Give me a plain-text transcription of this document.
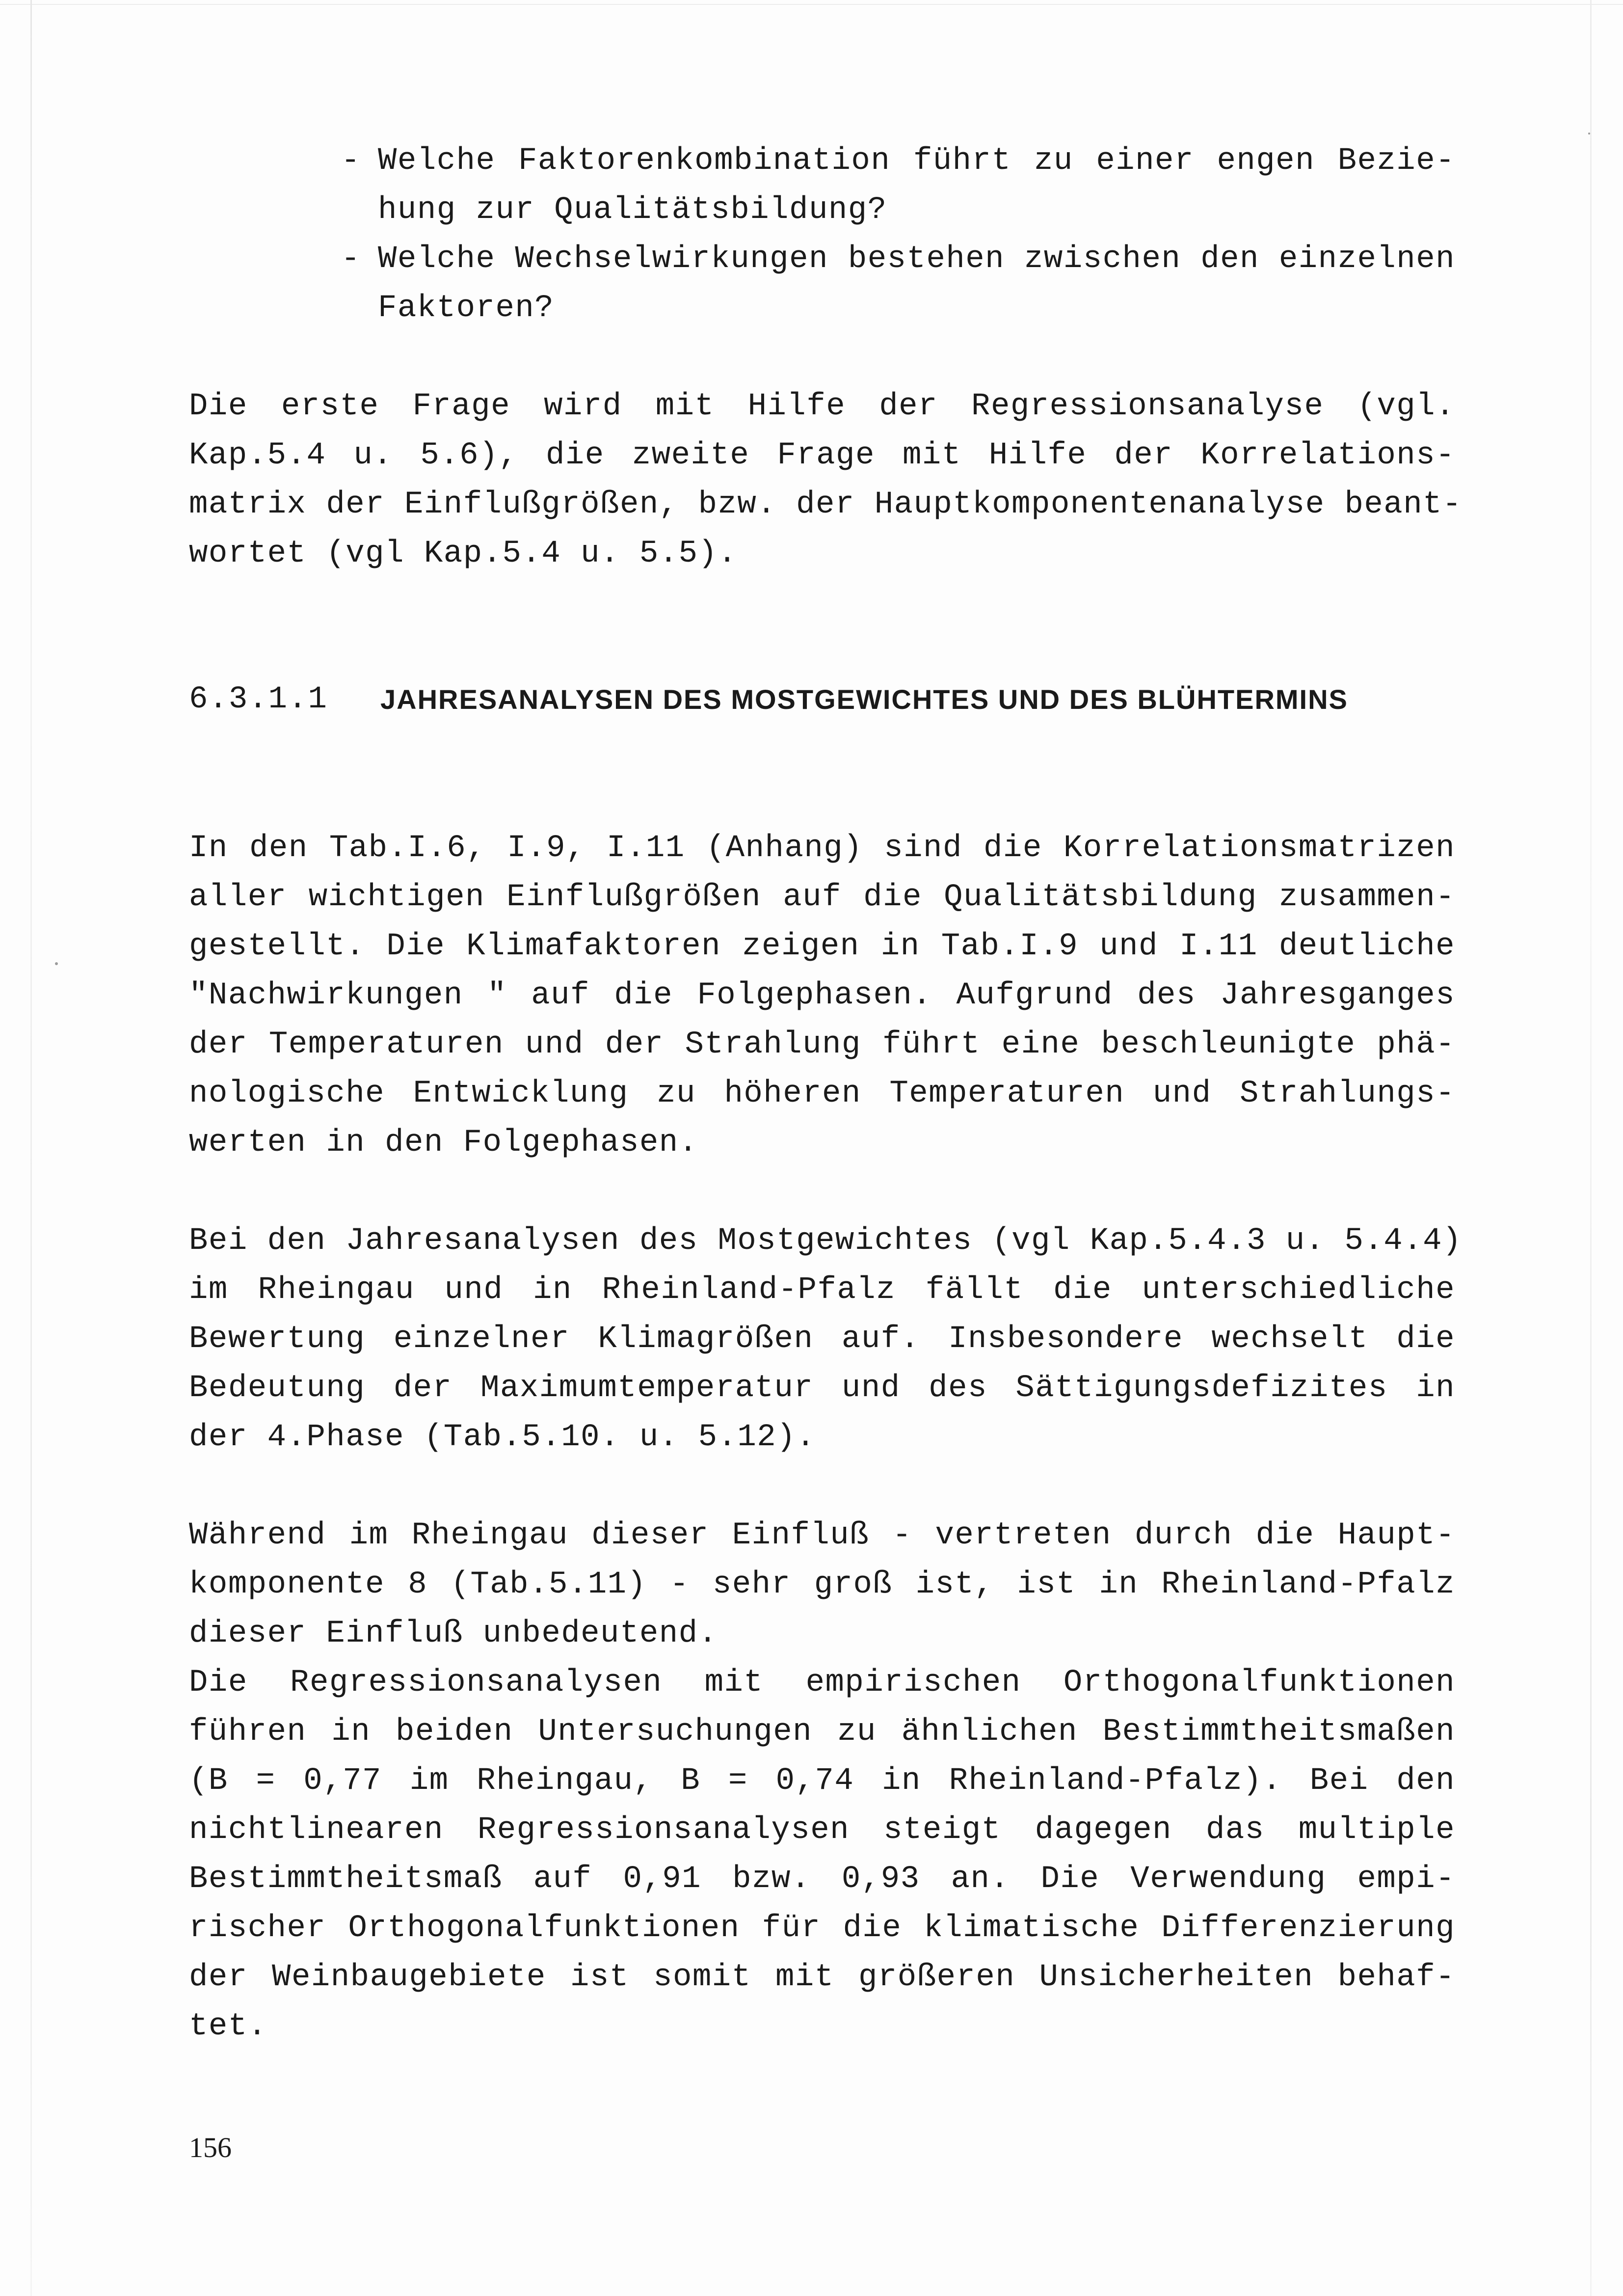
- Welche Faktorenkombination führt zu einer engen Bezie-
hung zur Qualitätsbildung?
- Welche Wechselwirkungen bestehen zwischen den einzelnen
Faktoren?
Die erste Frage wird mit Hilfe der Regressionsanalyse (vgl.
Kap.5.4 u. 5.6), die zweite Frage mit Hilfe der Korrelations-
matrix der Einflußgrößen, bzw. der Hauptkomponentenanalyse beant-
wortet (vgl Kap.5.4 u. 5.5).
6.3.1.1 JAHRESANALYSEN DES MOSTGEWICHTES UND DES BLÜHTERMINS
In den Tab.I.6, I.9, I.11 (Anhang) sind die Korrelationsmatrizen
aller wichtigen Einflußgrößen auf die Qualitätsbildung zusammen-
gestellt. Die Klimafaktoren zeigen in Tab.I.9 und I.11 deutliche
"Nachwirkungen " auf die Folgephasen. Aufgrund des Jahresganges
der Temperaturen und der Strahlung führt eine beschleunigte phä-
nologische Entwicklung zu höheren Temperaturen und Strahlungs-
werten in den Folgephasen.
Bei den Jahresanalysen des Mostgewichtes (vgl Kap.5.4.3 u. 5.4.4)
im Rheingau und in Rheinland-Pfalz fällt die unterschiedliche
Bewertung einzelner Klimagrößen auf. Insbesondere wechselt die
Bedeutung der Maximumtemperatur und des Sättigungsdefizites in
der 4.Phase (Tab.5.10. u. 5.12).
Während im Rheingau dieser Einfluß - vertreten durch die Haupt-
komponente 8 (Tab.5.11) - sehr groß ist, ist in Rheinland-Pfalz
dieser Einfluß unbedeutend.
Die Regressionsanalysen mit empirischen Orthogonalfunktionen
führen in beiden Untersuchungen zu ähnlichen Bestimmtheitsmaßen
(B = 0,77 im Rheingau, B = 0,74 in Rheinland-Pfalz). Bei den
nichtlinearen Regressionsanalysen steigt dagegen das multiple
Bestimmtheitsmaß auf 0,91 bzw. 0,93 an. Die Verwendung empi-
rischer Orthogonalfunktionen für die klimatische Differenzierung
der Weinbaugebiete ist somit mit größeren Unsicherheiten behaf-
tet.
156
